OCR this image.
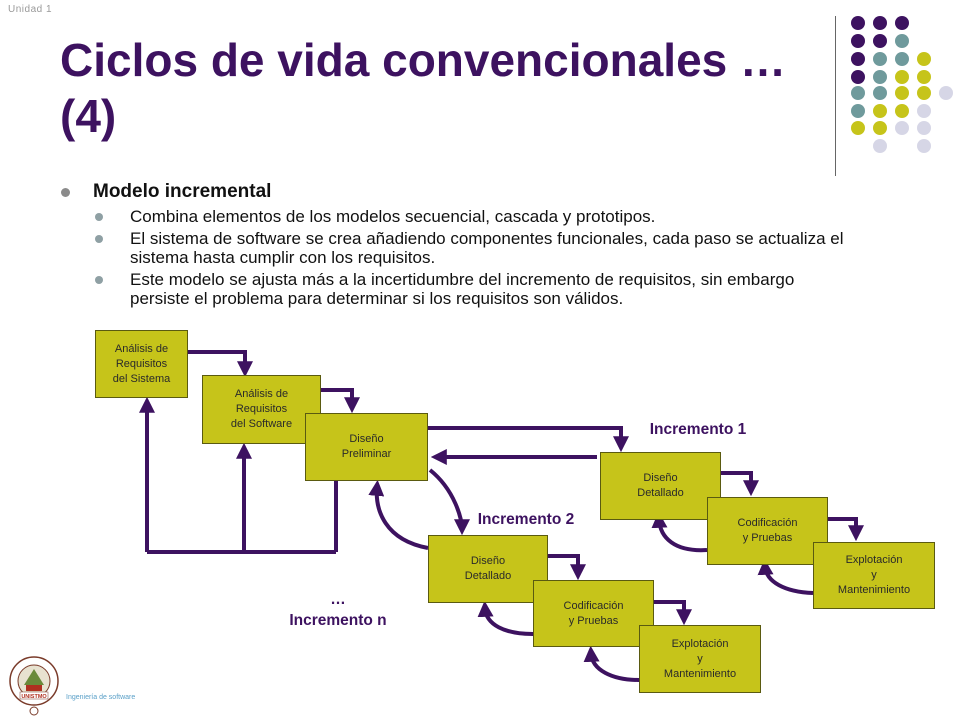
Unidad 1
Ciclos de vida convencionales … (4)
Modelo incremental
Combina elementos de los modelos secuencial, cascada y prototipos.
El sistema de software se crea añadiendo componentes funcionales, cada paso se actualiza el sistema hasta cumplir con los requisitos.
Este modelo se ajusta más a la incertidumbre del incremento de requisitos, sin embargo persiste el problema para determinar si los requisitos son válidos.
Análisis de
Requisitos
del Sistema
Análisis de
Requisitos
del Software
Diseño
Preliminar
Diseño
Detallado
Codificación
y Pruebas
Explotación
y
Mantenimiento
Diseño
Detallado
Codificación
y Pruebas
Explotación
y
Mantenimiento
Incremento 1
Incremento 2
…
Incremento n
UNISTMO	Ingeniería de software
